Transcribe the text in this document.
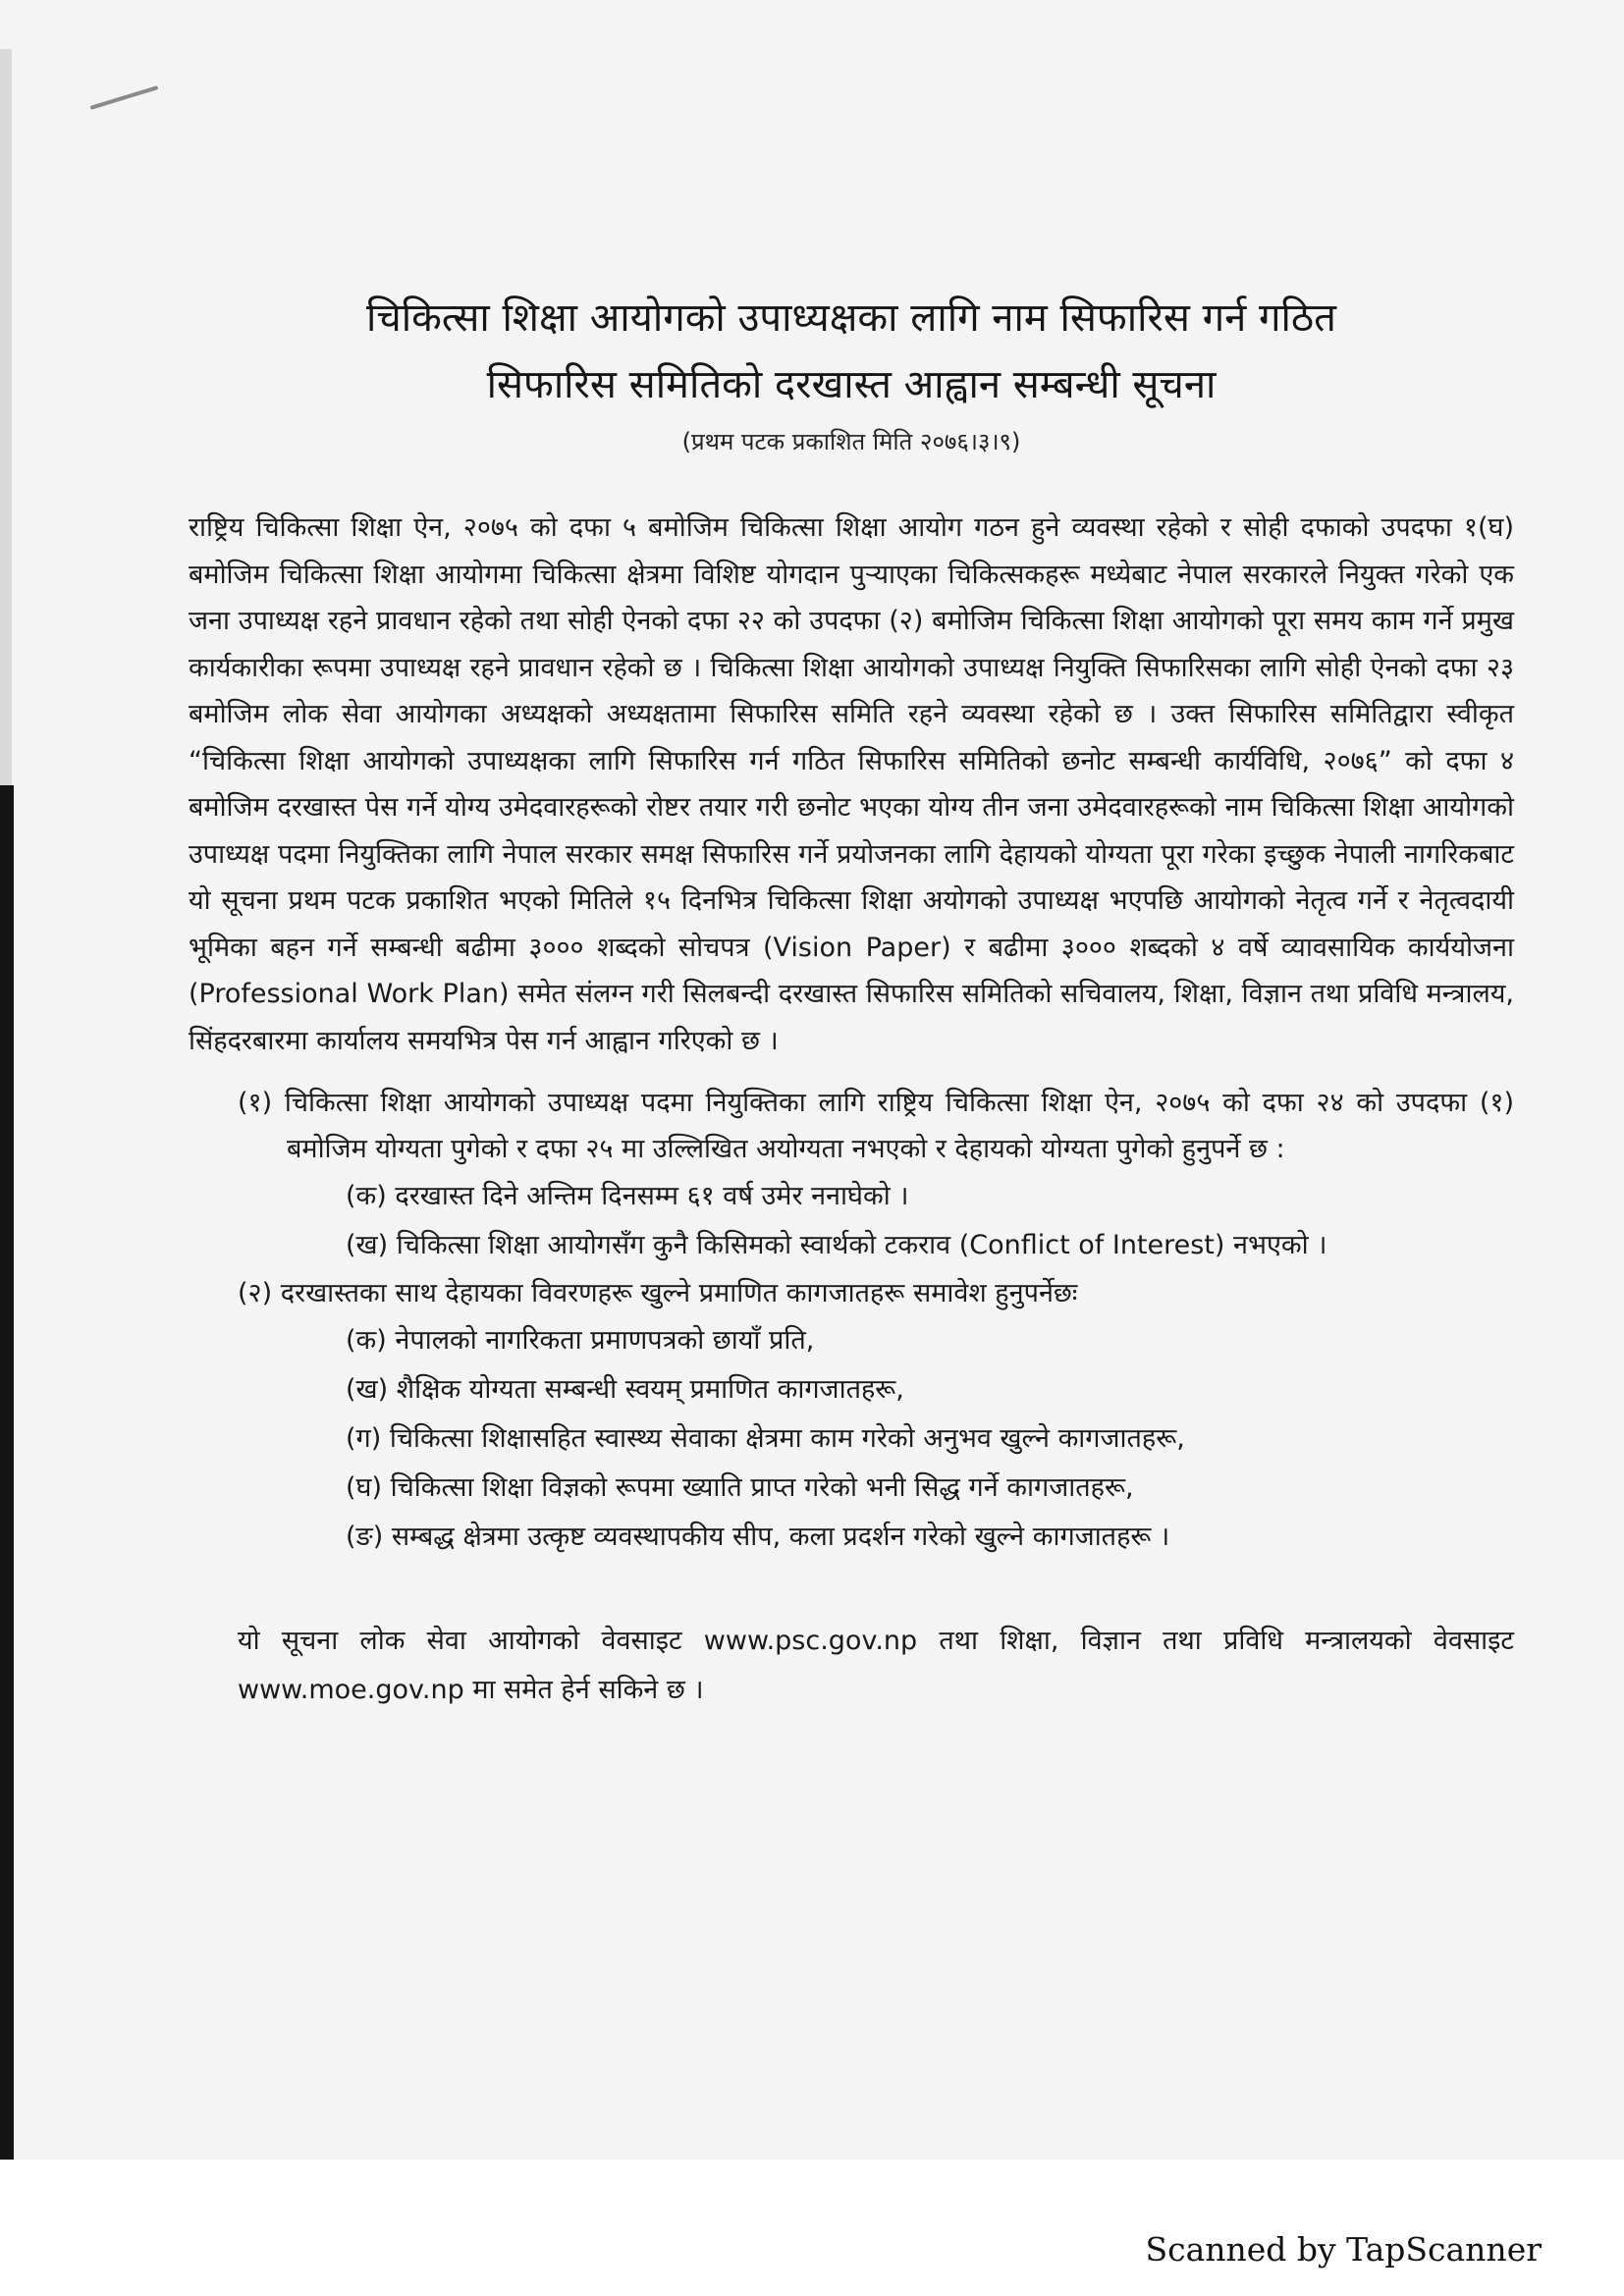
चिकित्सा शिक्षा आयोगको उपाध्यक्षका लागि नाम सिफारिस गर्न गठित
सिफारिस समितिको दरखास्त आह्वान सम्बन्धी सूचना
(प्रथम पटक प्रकाशित मिति २०७६।३।९)

राष्ट्रिय चिकित्सा शिक्षा ऐन, २०७५ को दफा ५ बमोजिम चिकित्सा शिक्षा आयोग गठन हुने व्यवस्था रहेको र सोही दफाको उपदफा १(घ) बमोजिम चिकित्सा शिक्षा आयोगमा चिकित्सा क्षेत्रमा विशिष्ट योगदान पुऱ्याएका चिकित्सकहरू मध्येबाट नेपाल सरकारले नियुक्त गरेको एक जना उपाध्यक्ष रहने प्रावधान रहेको तथा सोही ऐनको दफा २२ को उपदफा (२) बमोजिम चिकित्सा शिक्षा आयोगको पूरा समय काम गर्ने प्रमुख कार्यकारीका रूपमा उपाध्यक्ष रहने प्रावधान रहेको छ । चिकित्सा शिक्षा आयोगको उपाध्यक्ष नियुक्ति सिफारिसका लागि सोही ऐनको दफा २३ बमोजिम लोक सेवा आयोगका अध्यक्षको अध्यक्षतामा सिफारिस समिति रहने व्यवस्था रहेको छ । उक्त सिफारिस समितिद्वारा स्वीकृत “चिकित्सा शिक्षा आयोगको उपाध्यक्षका लागि सिफारिस गर्न गठित सिफारिस समितिको छनोट सम्बन्धी कार्यविधि, २०७६” को दफा ४ बमोजिम दरखास्त पेस गर्ने योग्य उमेदवारहरूको रोष्टर तयार गरी छनोट भएका योग्य तीन जना उमेदवारहरूको नाम चिकित्सा शिक्षा आयोगको उपाध्यक्ष पदमा नियुक्तिका लागि नेपाल सरकार समक्ष सिफारिस गर्ने प्रयोजनका लागि देहायको योग्यता पूरा गरेका इच्छुक नेपाली नागरिकबाट यो सूचना प्रथम पटक प्रकाशित भएको मितिले १५ दिनभित्र चिकित्सा शिक्षा अयोगको उपाध्यक्ष भएपछि आयोगको नेतृत्व गर्ने र नेतृत्वदायी भूमिका बहन गर्ने सम्बन्धी बढीमा ३००० शब्दको सोचपत्र (Vision Paper) र बढीमा ३००० शब्दको ४ वर्षे व्यावसायिक कार्ययोजना (Professional Work Plan) समेत संलग्न गरी सिलबन्दी दरखास्त सिफारिस समितिको सचिवालय, शिक्षा, विज्ञान तथा प्रविधि मन्त्रालय, सिंहदरबारमा कार्यालय समयभित्र पेस गर्न आह्वान गरिएको छ ।

(१) चिकित्सा शिक्षा आयोगको उपाध्यक्ष पदमा नियुक्तिका लागि राष्ट्रिय चिकित्सा शिक्षा ऐन, २०७५ को दफा २४ को उपदफा (१) बमोजिम योग्यता पुगेको र दफा २५ मा उल्लिखित अयोग्यता नभएको र देहायको योग्यता पुगेको हुनुपर्ने छ :
(क) दरखास्त दिने अन्तिम दिनसम्म ६१ वर्ष उमेर ननाघेको ।
(ख) चिकित्सा शिक्षा आयोगसँग कुनै किसिमको स्वार्थको टकराव (Conflict of Interest) नभएको ।
(२) दरखास्तका साथ देहायका विवरणहरू खुल्ने प्रमाणित कागजातहरू समावेश हुनुपर्नेछः
(क) नेपालको नागरिकता प्रमाणपत्रको छायाँ प्रति,
(ख) शैक्षिक योग्यता सम्बन्धी स्वयम् प्रमाणित कागजातहरू,
(ग) चिकित्सा शिक्षासहित स्वास्थ्य सेवाका क्षेत्रमा काम गरेको अनुभव खुल्ने कागजातहरू,
(घ) चिकित्सा शिक्षा विज्ञको रूपमा ख्याति प्राप्त गरेको भनी सिद्ध गर्ने कागजातहरू,
(ङ) सम्बद्ध क्षेत्रमा उत्कृष्ट व्यवस्थापकीय सीप, कला प्रदर्शन गरेको खुल्ने कागजातहरू ।

यो सूचना लोक सेवा आयोगको वेवसाइट www.psc.gov.np तथा शिक्षा, विज्ञान तथा प्रविधि मन्त्रालयको वेवसाइट www.moe.gov.np मा समेत हेर्न सकिने छ ।

Scanned by TapScanner
